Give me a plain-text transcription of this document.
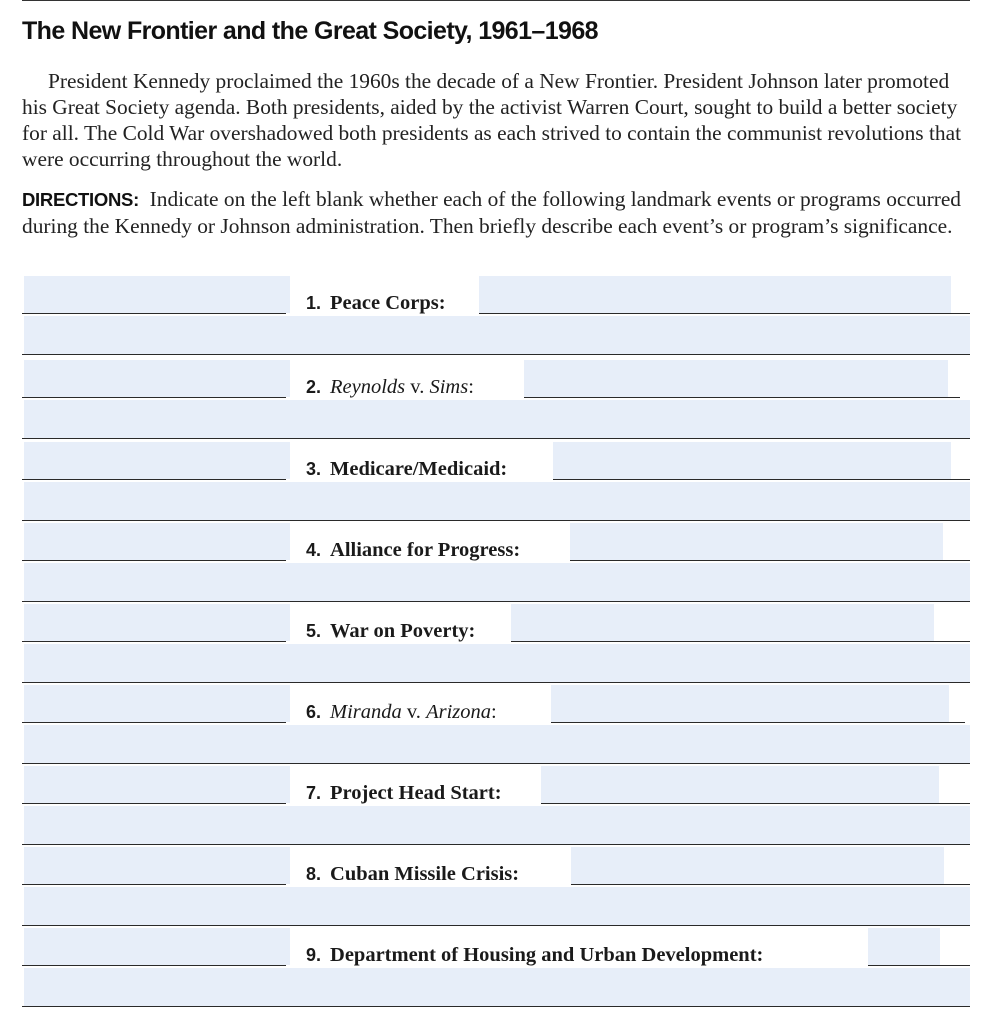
The New Frontier and the Great Society, 1961–1968

President Kennedy proclaimed the 1960s the decade of a New Frontier. President Johnson later promoted his Great Society agenda. Both presidents, aided by the activist Warren Court, sought to build a better society for all. The Cold War overshadowed both presidents as each strived to contain the communist revolutions that were occurring throughout the world.

DIRECTIONS: Indicate on the left blank whether each of the following landmark events or programs occurred during the Kennedy or Johnson administration. Then briefly describe each event’s or program’s significance.

1. Peace Corps:
2. Reynolds v. Sims:
3. Medicare/Medicaid:
4. Alliance for Progress:
5. War on Poverty:
6. Miranda v. Arizona:
7. Project Head Start:
8. Cuban Missile Crisis:
9. Department of Housing and Urban Development:
